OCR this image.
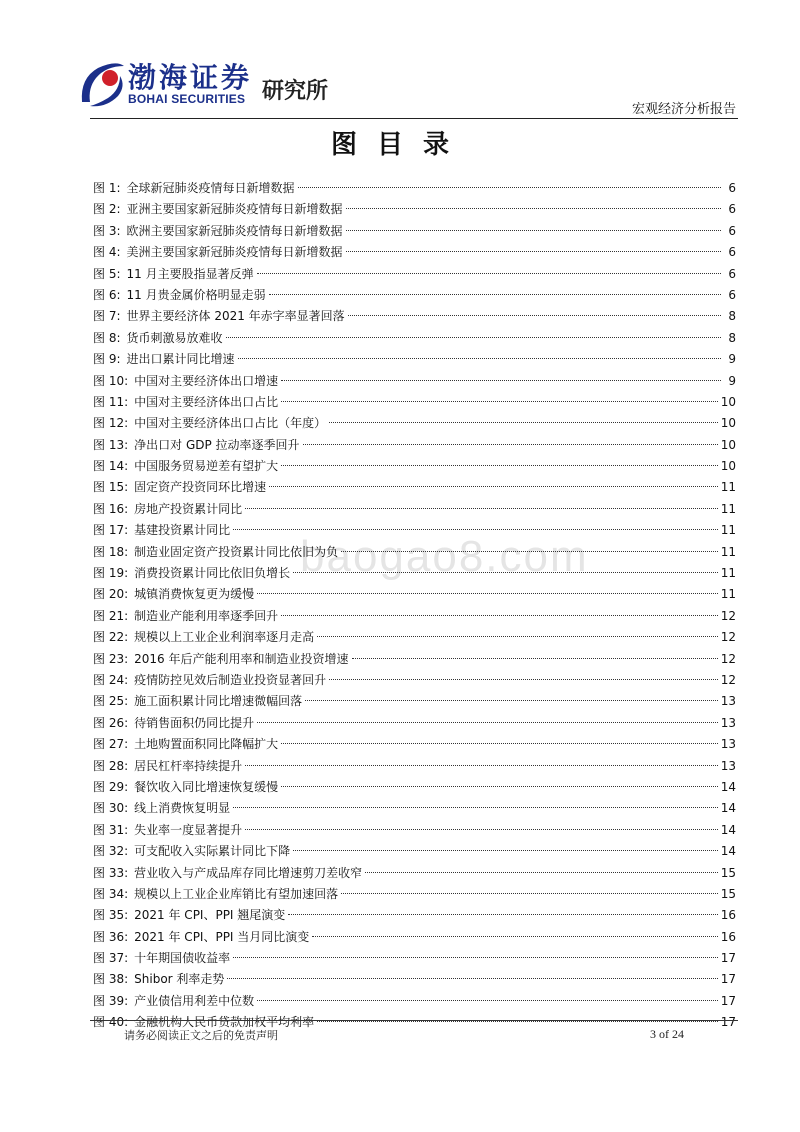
渤海证券
BOHAI SECURITIES 研究所
宏观经济分析报告
图目录
baogao8.com
图 1: 全球新冠肺炎疫情每日新增数据	6
图 2: 亚洲主要国家新冠肺炎疫情每日新增数据	6
图 3: 欧洲主要国家新冠肺炎疫情每日新增数据	6
图 4: 美洲主要国家新冠肺炎疫情每日新增数据	6
图 5: 11 月主要股指显著反弹	6
图 6: 11 月贵金属价格明显走弱	6
图 7: 世界主要经济体 2021 年赤字率显著回落	8
图 8: 货币刺激易放难收	8
图 9: 进出口累计同比增速	9
图 10: 中国对主要经济体出口增速	9
图 11: 中国对主要经济体出口占比	10
图 12: 中国对主要经济体出口占比（年度）	10
图 13: 净出口对 GDP 拉动率逐季回升	10
图 14: 中国服务贸易逆差有望扩大	10
图 15: 固定资产投资同环比增速	11
图 16: 房地产投资累计同比	11
图 17: 基建投资累计同比	11
图 18: 制造业固定资产投资累计同比依旧为负	11
图 19: 消费投资累计同比依旧负增长	11
图 20: 城镇消费恢复更为缓慢	11
图 21: 制造业产能利用率逐季回升	12
图 22: 规模以上工业企业利润率逐月走高	12
图 23: 2016 年后产能利用率和制造业投资增速	12
图 24: 疫情防控见效后制造业投资显著回升	12
图 25: 施工面积累计同比增速微幅回落	13
图 26: 待销售面积仍同比提升	13
图 27: 土地购置面积同比降幅扩大	13
图 28: 居民杠杆率持续提升	13
图 29: 餐饮收入同比增速恢复缓慢	14
图 30: 线上消费恢复明显	14
图 31: 失业率一度显著提升	14
图 32: 可支配收入实际累计同比下降	14
图 33: 营业收入与产成品库存同比增速剪刀差收窄	15
图 34: 规模以上工业企业库销比有望加速回落	15
图 35: 2021 年 CPI、PPI 翘尾演变	16
图 36: 2021 年 CPI、PPI 当月同比演变	16
图 37: 十年期国债收益率	17
图 38: Shibor 利率走势	17
图 39: 产业债信用利差中位数	17
图 40: 金融机构人民币贷款加权平均利率	17
请务必阅读正文之后的免责声明	3 of 24
